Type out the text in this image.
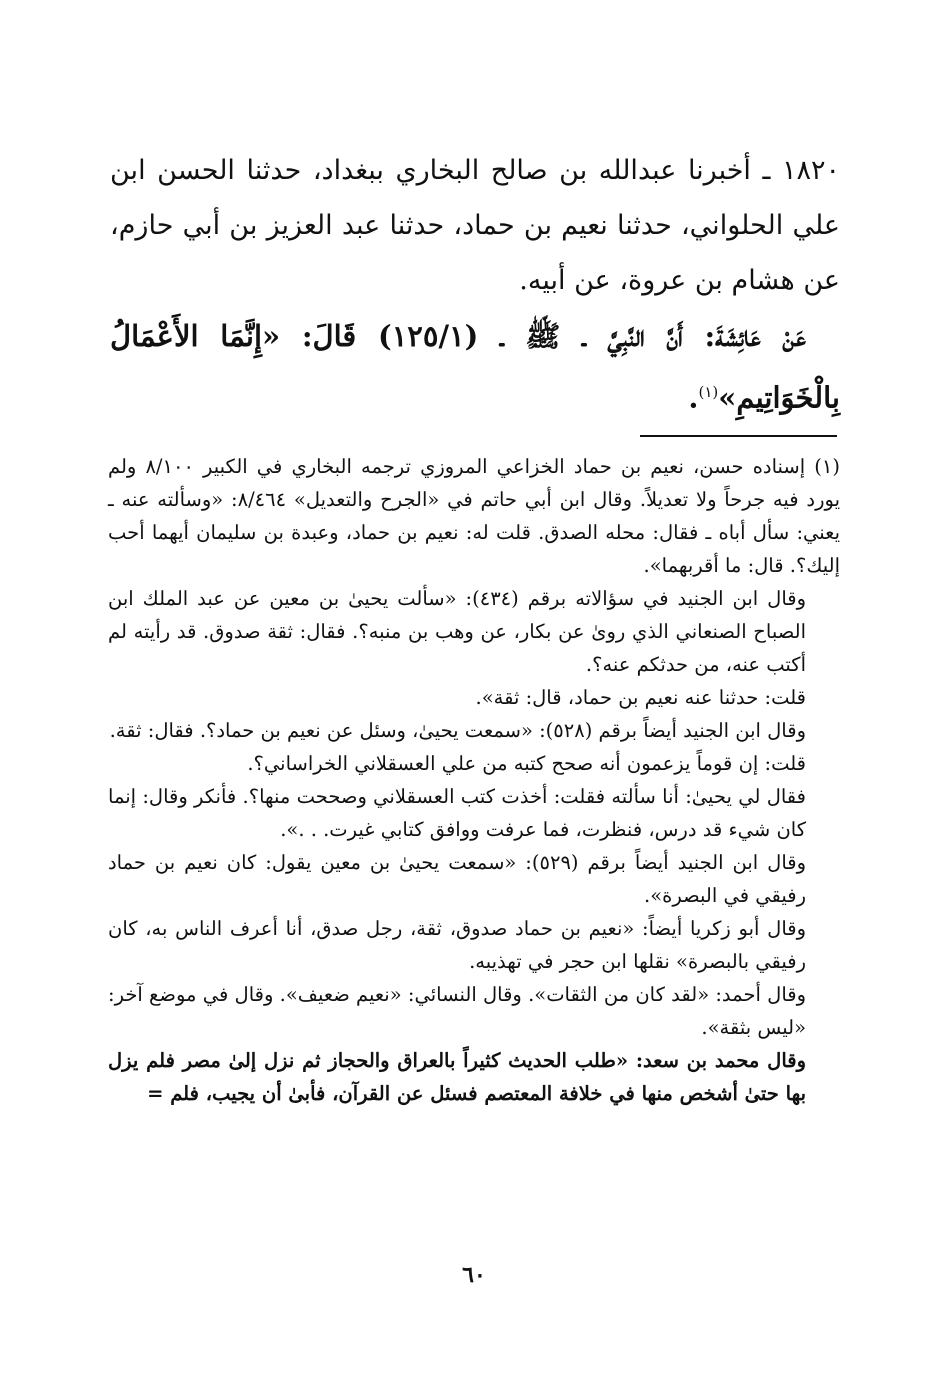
١٨٢٠ ـ أخبرنا عبدالله بن صالح البخاري ببغداد، حدثنا الحسن ابن علي الحلواني، حدثنا نعيم بن حماد، حدثنا عبد العزيز بن أبي حازم، عن هشام بن عروة، عن أبيه.

عَنْ عَائِشَةَ: أَنَّ النَّبِيَّ ـ ﷺ ـ (١٢٥/١) قَالَ: «إِنَّمَا الأَعْمَالُ بِالْخَوَاتِيمِ»$^{(١)}$.

(١) إسناده حسن، نعيم بن حماد الخزاعي المروزي ترجمه البخاري في الكبير ٨/١٠٠ ولم يورد فيه جرحاً ولا تعديلاً. وقال ابن أبي حاتم في «الجرح والتعديل» ٨/٤٦٤: «وسألته عنه ـ يعني: سأل أباه ـ فقال: محله الصدق. قلت له: نعيم بن حماد، وعبدة بن سليمان أيهما أحب إليك؟. قال: ما أقربهما».

وقال ابن الجنيد في سؤالاته برقم (٤٣٤): «سألت يحيىٰ بن معين عن عبد الملك ابن الصباح الصنعاني الذي روىٰ عن بكار، عن وهب بن منبه؟. فقال: ثقة صدوق. قد رأيته لم أكتب عنه، من حدثكم عنه؟.

قلت: حدثنا عنه نعيم بن حماد، قال: ثقة».

وقال ابن الجنيد أيضاً برقم (٥٢٨): «سمعت يحيىٰ، وسئل عن نعيم بن حماد؟. فقال: ثقة.

قلت: إن قوماً يزعمون أنه صحح كتبه من علي العسقلاني الخراساني؟.

فقال لي يحيىٰ: أنا سألته فقلت: أخذت كتب العسقلاني وصححت منها؟. فأنكر وقال: إنما كان شيء قد درس، فنظرت، فما عرفت ووافق كتابي غيرت. . .».

وقال ابن الجنيد أيضاً برقم (٥٢٩): «سمعت يحيىٰ بن معين يقول: كان نعيم بن حماد رفيقي في البصرة».

وقال أبو زكريا أيضاً: «نعيم بن حماد صدوق، ثقة، رجل صدق، أنا أعرف الناس به، كان رفيقي بالبصرة» نقلها ابن حجر في تهذيبه.

وقال أحمد: «لقد كان من الثقات». وقال النسائي: «نعيم ضعيف». وقال في موضع آخر: «ليس بثقة».

وقال محمد بن سعد: «طلب الحديث كثيراً بالعراق والحجاز ثم نزل إلىٰ مصر فلم يزل بها حتىٰ أشخص منها في خلافة المعتصم فسئل عن القرآن، فأبىٰ أن يجيب، فلم =

٦٠
